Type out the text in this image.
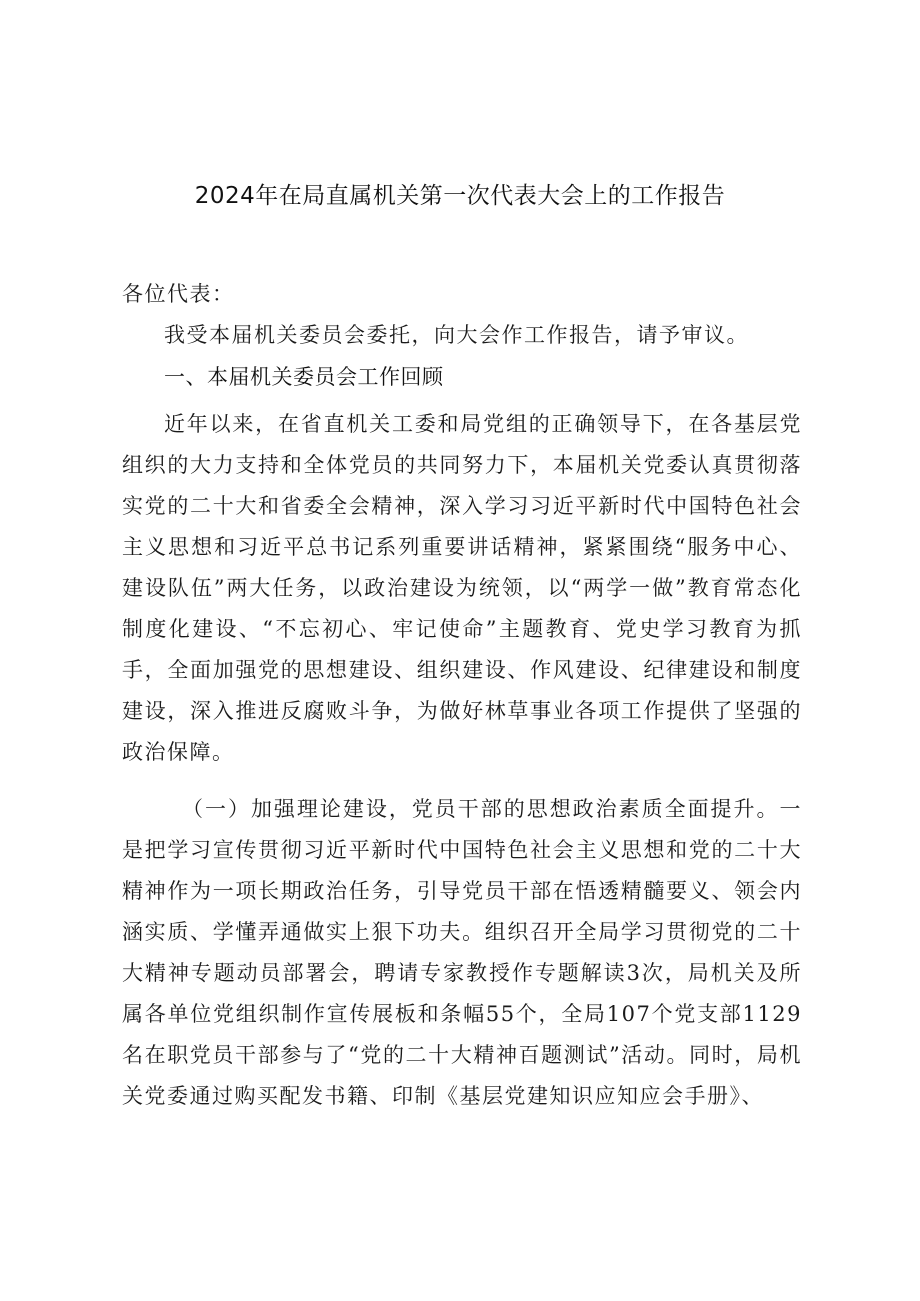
2024年在局直属机关第一次代表大会上的工作报告
各位代表：
我受本届机关委员会委托，向大会作工作报告，请予审议。
一、本届机关委员会工作回顾
近年以来，在省直机关工委和局党组的正确领导下，在各基层党组织的大力支持和全体党员的共同努力下，本届机关党委认真贯彻落实党的二十大和省委全会精神，深入学习习近平新时代中国特色社会主义思想和习近平总书记系列重要讲话精神，紧紧围绕“服务中心、建设队伍”两大任务，以政治建设为统领，以“两学一做”教育常态化制度化建设、“不忘初心、牢记使命”主题教育、党史学习教育为抓手，全面加强党的思想建设、组织建设、作风建设、纪律建设和制度建设，深入推进反腐败斗争，为做好林草事业各项工作提供了坚强的政治保障。
（一）加强理论建设，党员干部的思想政治素质全面提升。一是把学习宣传贯彻习近平新时代中国特色社会主义思想和党的二十大精神作为一项长期政治任务，引导党员干部在悟透精髓要义、领会内涵实质、学懂弄通做实上狠下功夫。组织召开全局学习贯彻党的二十大精神专题动员部署会，聘请专家教授作专题解读3次，局机关及所属各单位党组织制作宣传展板和条幅55个，全局107个党支部1129名在职党员干部参与了“党的二十大精神百题测试”活动。同时，局机关党委通过购买配发书籍、印制《基层党建知识应知应会手册》、
